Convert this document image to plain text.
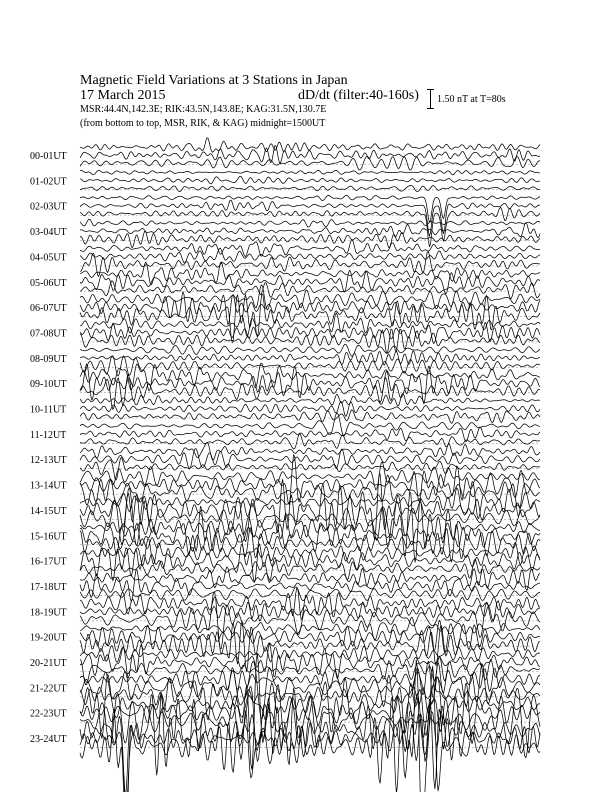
Magnetic Field Variations at 3 Stations in Japan
17 March 2015	dD/dt (filter:40-160s)
MSR:44.4N,142.3E; RIK:43.5N,143.8E; KAG:31.5N,130.7E
(from bottom to top, MSR, RIK, & KAG) midnight=1500UT
1.50 nT at T=80s
00-01UT
01-02UT
02-03UT
03-04UT
04-05UT
05-06UT
06-07UT
07-08UT
08-09UT
09-10UT
10-11UT
11-12UT
12-13UT
13-14UT
14-15UT
15-16UT
16-17UT
17-18UT
18-19UT
19-20UT
20-21UT
21-22UT
22-23UT
23-24UT
